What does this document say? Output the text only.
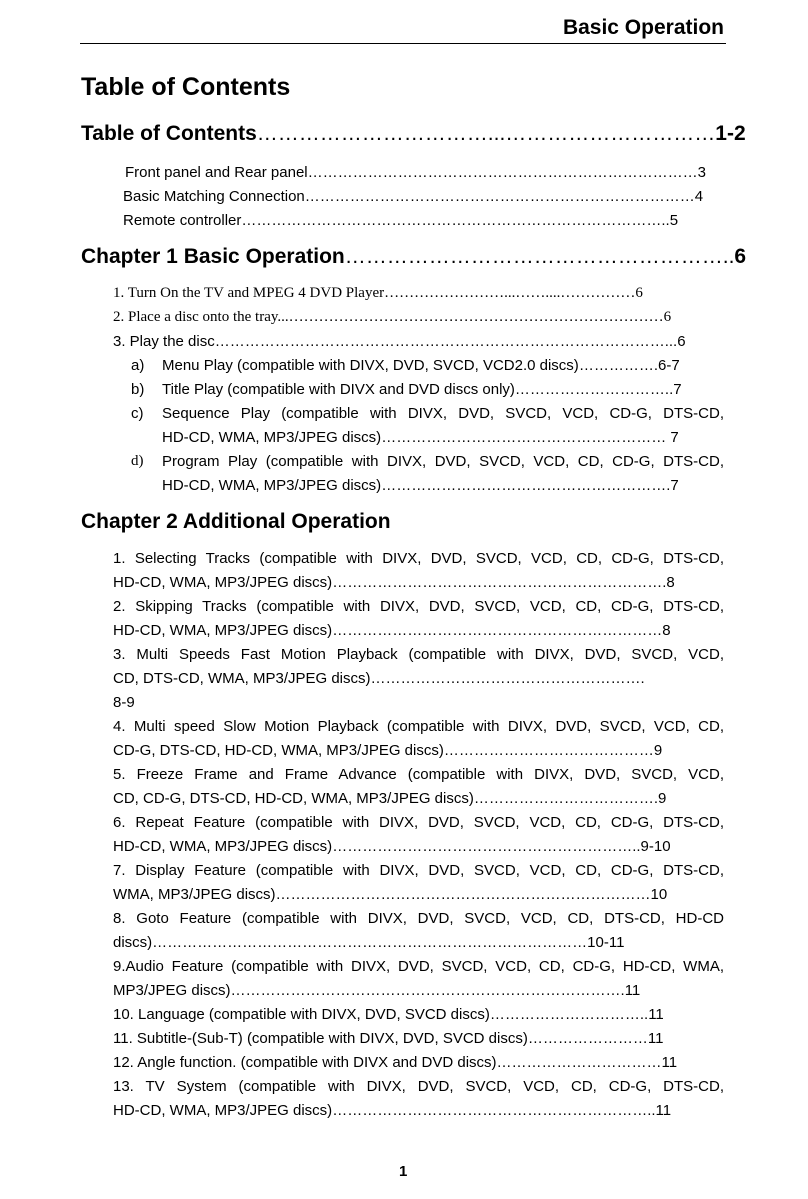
Basic Operation
Table of Contents
Table of Contents……………………………...…………………………1-2
Front panel and Rear panel……………………………………………………………………3
Basic Matching Connection……………………………………………………………………4
Remote controller…………………………………………………………………………..5
Chapter 1 Basic Operation………………………………………………..6
1. Turn On the TV and MPEG 4 DVD Player……………………...……....……………6
2. Place a disc onto the tray...…………………………………………………………………6
3. Play the disc………………………………………………………………………………...6
a) Menu Play (compatible with DIVX, DVD, SVCD, VCD2.0 discs)…………….6-7
b) Title Play (compatible with DIVX and DVD discs only)…………………………..7
c) Sequence Play (compatible with DIVX, DVD, SVCD, VCD, CD-G, DTS-CD,
HD-CD, WMA, MP3/JPEG discs)………………………………………………… 7
d) Program Play (compatible with DIVX, DVD, SVCD, VCD, CD, CD-G, DTS-CD,
HD-CD, WMA, MP3/JPEG discs)………………………………………………….7
Chapter 2 Additional Operation
1. Selecting Tracks (compatible with DIVX, DVD, SVCD, VCD, CD, CD-G, DTS-CD,
HD-CD, WMA, MP3/JPEG discs)………………………………………………………….8
2. Skipping Tracks (compatible with DIVX, DVD, SVCD, VCD, CD, CD-G, DTS-CD,
HD-CD, WMA, MP3/JPEG discs)…………………………………………………………8
3. Multi Speeds Fast Motion Playback (compatible with DIVX, DVD, SVCD, VCD,
CD, DTS-CD, WMA, MP3/JPEG discs)……………………………………………….
8-9
4. Multi speed Slow Motion Playback (compatible with DIVX, DVD, SVCD, VCD, CD,
CD-G, DTS-CD, HD-CD, WMA, MP3/JPEG discs)……………………………………9
5. Freeze Frame and Frame Advance (compatible with DIVX, DVD, SVCD, VCD,
CD, CD-G, DTS-CD, HD-CD, WMA, MP3/JPEG discs)……………………………….9
6. Repeat Feature (compatible with DIVX, DVD, SVCD, VCD, CD, CD-G, DTS-CD,
HD-CD, WMA, MP3/JPEG discs)……………………………………………………..9-10
7. Display Feature (compatible with DIVX, DVD, SVCD, VCD, CD, CD-G, DTS-CD,
WMA, MP3/JPEG discs)…………………………………………………………………10
8. Goto Feature (compatible with DIVX, DVD, SVCD, VCD, CD, DTS-CD, HD-CD
discs)……………………………………………………………………………10-11
9.Audio Feature (compatible with DIVX, DVD, SVCD, VCD, CD, CD-G, HD-CD, WMA,
MP3/JPEG discs)…………………………………………………………………….11
10. Language (compatible with DIVX, DVD, SVCD discs)…………………………..11
11. Subtitle-(Sub-T) (compatible with DIVX, DVD, SVCD discs)……………………11
12. Angle function. (compatible with DIVX and DVD discs)……………………………11
13. TV System (compatible with DIVX, DVD, SVCD, VCD, CD, CD-G, DTS-CD,
HD-CD, WMA, MP3/JPEG discs)………………………………………………………..11
1
